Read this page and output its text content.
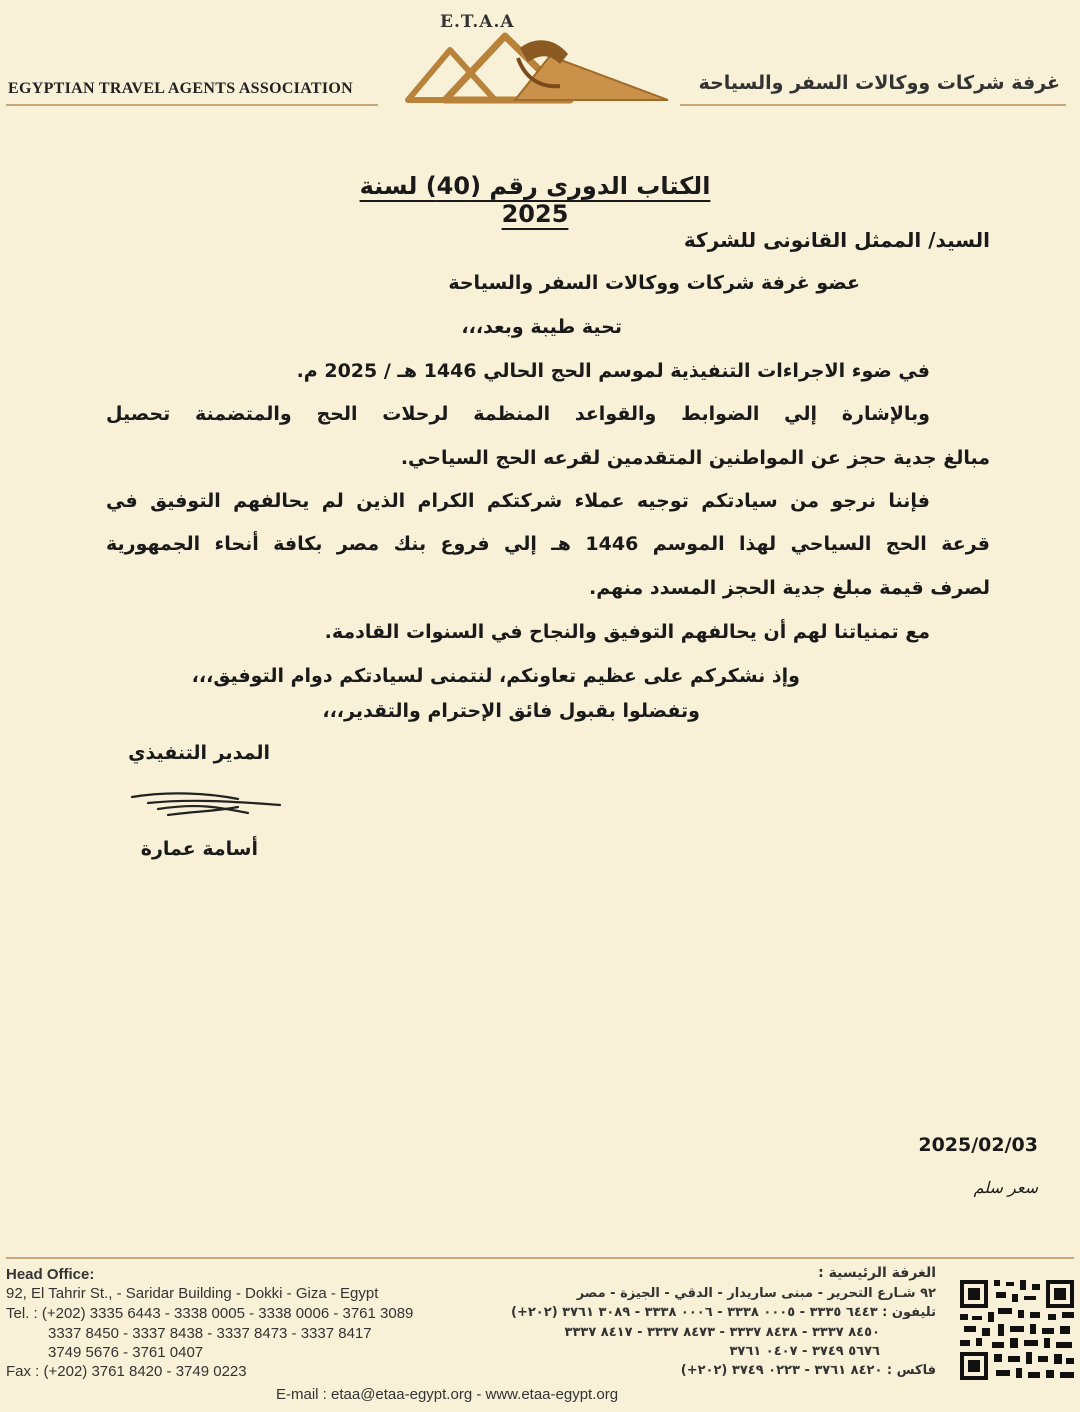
E.T.A.A
EGYPTIAN TRAVEL AGENTS ASSOCIATION	غرفة شركات ووكالات السفر والسياحة
الكتاب الدورى رقم (40) لسنة 2025
السيد/ الممثل القانونى للشركة
عضو غرفة شركات ووكالات السفر والسياحة
تحية طيبة وبعد،،،
في ضوء الاجراءات التنفيذية لموسم الحج الحالي 1446 هـ / 2025 م.
وبالإشارة إلي الضوابط والقواعد المنظمة لرحلات الحج والمتضمنة تحصيل
مبالغ جدية حجز عن المواطنين المتقدمين لقرعه الحج السياحي.
فإننا نرجو من سيادتكم توجيه عملاء شركتكم الكرام الذين لم يحالفهم التوفيق في
قرعة الحج السياحي لهذا الموسم 1446 هـ إلي فروع بنك مصر بكافة أنحاء الجمهورية
لصرف قيمة مبلغ جدية الحجز المسدد منهم.
مع تمنياتنا لهم أن يحالفهم التوفيق والنجاح في السنوات القادمة.
وإذ نشكركم على عظيم تعاونكم، لنتمنى لسيادتكم دوام التوفيق،،،
وتفضلوا بقبول فائق الإحترام والتقدير،،،
المدير التنفيذي
أسامة عمارة
2025/02/03
سعر سلم
Head Office:
92, El Tahrir St., - Saridar Building - Dokki - Giza - Egypt
Tel. : (+202) 3335 6443 - 3338 0005 - 3338 0006 - 3761 3089
3337 8450 - 3337 8438 - 3337 8473 - 3337 8417
3749 5676 - 3761 0407
Fax : (+202) 3761 8420 - 3749 0223
E-mail : etaa@etaa-egypt.org - www.etaa-egypt.org
الغرفة الرئيسية :
٩٢ شـارع التحرير - مبنى ساريدار - الدقي - الجيزة - مصر
تليفون : ٦٤٤٣ ٣٣٣٥ - ٠٠٠٥ ٣٣٣٨ - ٠٠٠٦ ٣٣٣٨ - ٣٠٨٩ ٣٧٦١ (٢٠٢+)
٨٤٥٠ ٣٣٣٧ - ٨٤٣٨ ٣٣٣٧ - ٨٤٧٣ ٣٣٣٧ - ٨٤١٧ ٣٣٣٧
٥٦٧٦ ٣٧٤٩ - ٠٤٠٧ ٣٧٦١
فاكس : ٨٤٢٠ ٣٧٦١ - ٠٢٢٣ ٣٧٤٩ (٢٠٢+)
